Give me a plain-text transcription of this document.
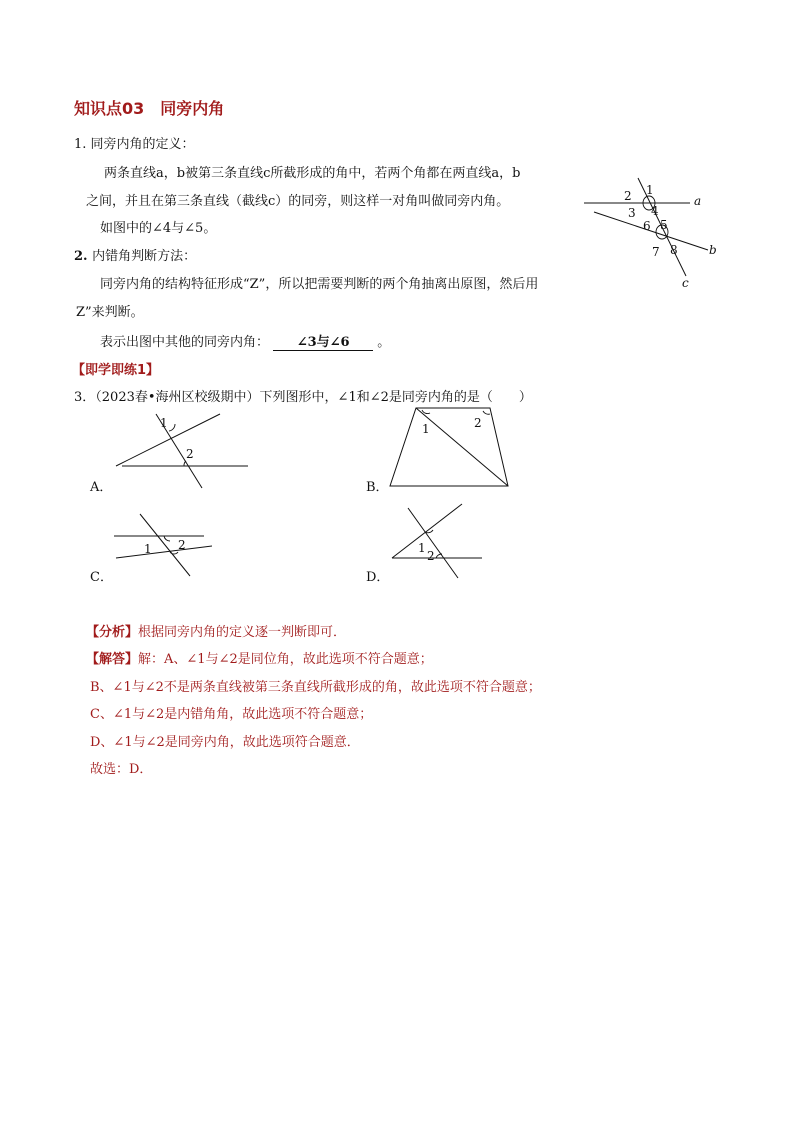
知识点03  同旁内角
1. 同旁内角的定义：
两条直线a，b被第三条直线c所截形成的角中，若两个角都在两直线a，b
之间，并且在第三条直线（截线c）的同旁，则这样一对角叫做同旁内角。
如图中的∠4与∠5。
2. 内错角判断方法：
同旁内角的结构特征形成“Z”，所以把需要判断的两个角抽离出原图，然后用
Z”来判断。
表示出图中其他的同旁内角： ∠3与∠6 。
1
2
3 4
5
6
7 8
a
b
c
【即学即练1】
3．（2023春•海州区校级期中）下列图形中，∠1和∠2是同旁内角的是（　　）
A．
1
2
B．
1	2
C．
1 2
D．
1
2
【分析】根据同旁内角的定义逐一判断即可．
【解答】解：A、∠1与∠2是同位角，故此选项不符合题意；
B、∠1与∠2不是两条直线被第三条直线所截形成的角，故此选项不符合题意；
C、∠1与∠2是内错角角，故此选项不符合题意；
D、∠1与∠2是同旁内角，故此选项符合题意．
故选：D．
